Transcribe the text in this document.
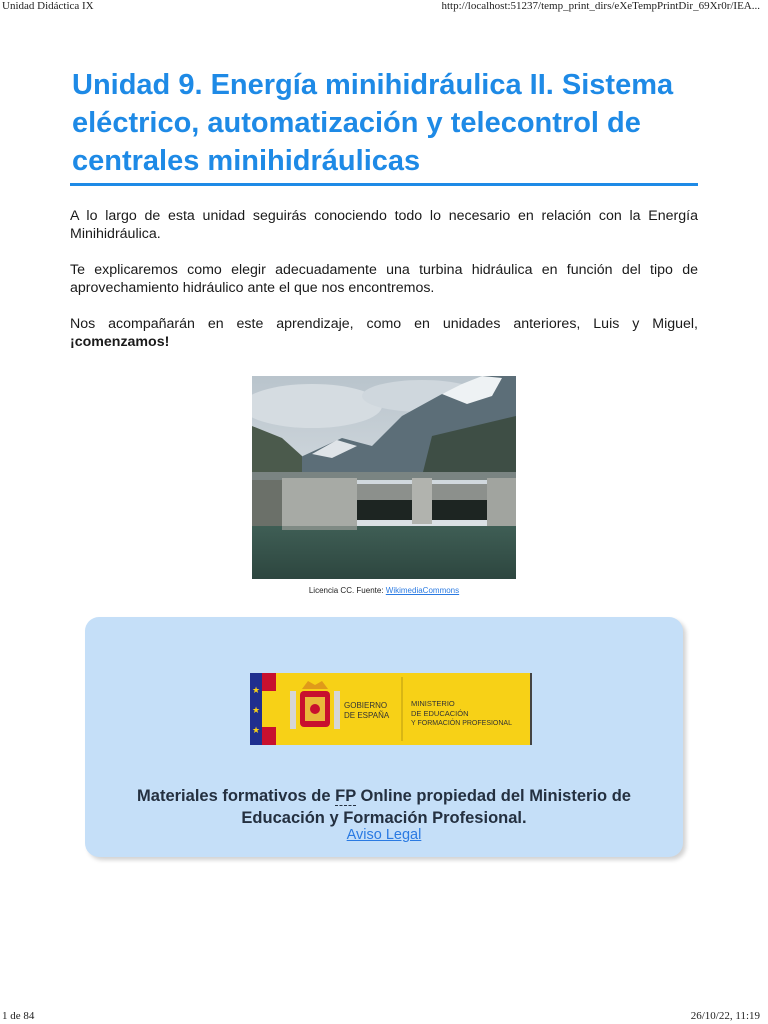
Unidad Didáctica IX	http://localhost:51237/temp_print_dirs/eXeTempPrintDir_69Xr0r/IEA...
Unidad 9. Energía minihidráulica II. Sistema eléctrico, automatización y telecontrol de centrales minihidráulicas

A lo largo de esta unidad seguirás conociendo todo lo necesario en relación con la Energía Minihidráulica.

Te explicaremos como elegir adecuadamente una turbina hidráulica en función del tipo de aprovechamiento hidráulico ante el que nos encontremos.

Nos acompañarán en este aprendizaje, como en unidades anteriores, Luis y Miguel, ¡comenzamos!

Licencia CC. Fuente: WikimediaCommons
★
★
★
GOBIERNO
DE ESPAÑA
MINISTERIO
DE EDUCACIÓN
Y FORMACIÓN PROFESIONAL

Materiales formativos de FP Online propiedad del Ministerio de Educación y Formación Profesional.

Aviso Legal
1 de 84	26/10/22, 11:19
